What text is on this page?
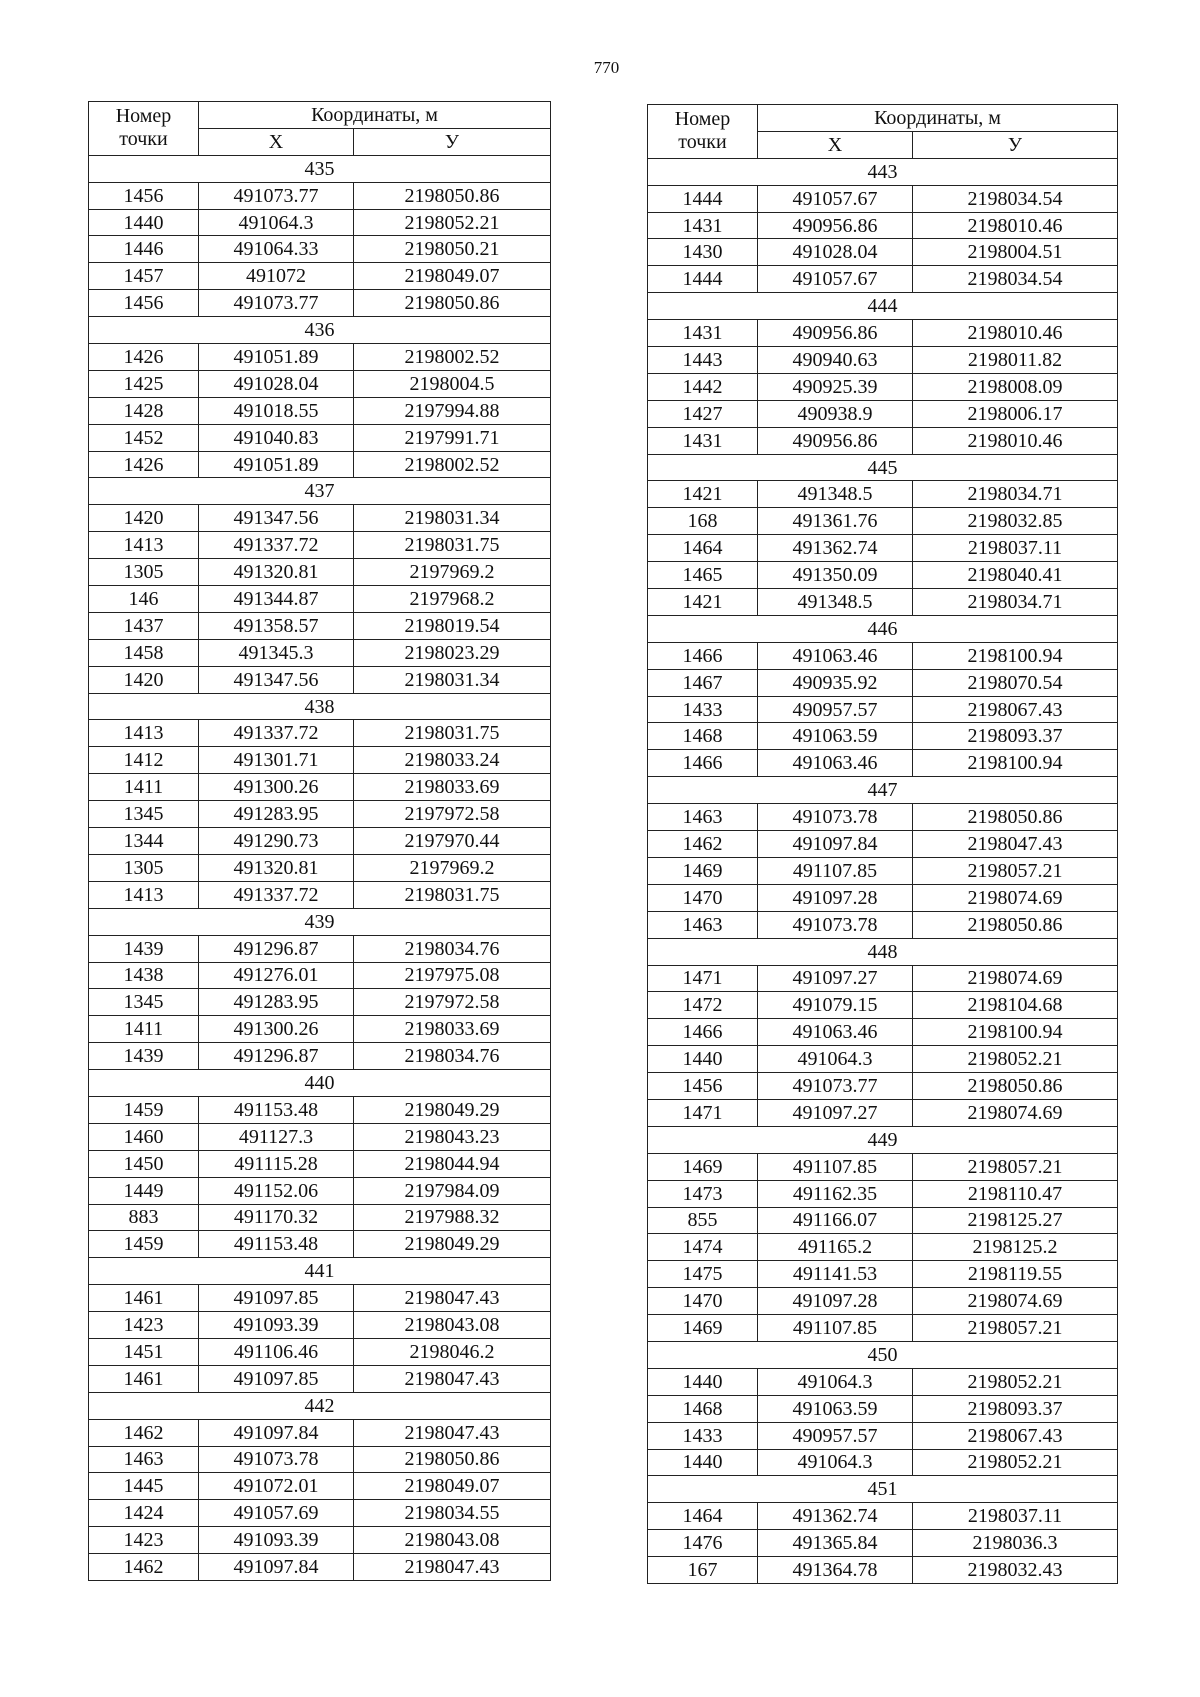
770
Номер точки	Координаты, м	
	X	У
435		
1456	491073.77	2198050.86
1440	491064.3	2198052.21
1446	491064.33	2198050.21
1457	491072	2198049.07
1456	491073.77	2198050.86
436		
1426	491051.89	2198002.52
1425	491028.04	2198004.5
1428	491018.55	2197994.88
1452	491040.83	2197991.71
1426	491051.89	2198002.52
437		
1420	491347.56	2198031.34
1413	491337.72	2198031.75
1305	491320.81	2197969.2
146	491344.87	2197968.2
1437	491358.57	2198019.54
1458	491345.3	2198023.29
1420	491347.56	2198031.34
438		
1413	491337.72	2198031.75
1412	491301.71	2198033.24
1411	491300.26	2198033.69
1345	491283.95	2197972.58
1344	491290.73	2197970.44
1305	491320.81	2197969.2
1413	491337.72	2198031.75
439		
1439	491296.87	2198034.76
1438	491276.01	2197975.08
1345	491283.95	2197972.58
1411	491300.26	2198033.69
1439	491296.87	2198034.76
440		
1459	491153.48	2198049.29
1460	491127.3	2198043.23
1450	491115.28	2198044.94
1449	491152.06	2197984.09
883	491170.32	2197988.32
1459	491153.48	2198049.29
441		
1461	491097.85	2198047.43
1423	491093.39	2198043.08
1451	491106.46	2198046.2
1461	491097.85	2198047.43
442		
1462	491097.84	2198047.43
1463	491073.78	2198050.86
1445	491072.01	2198049.07
1424	491057.69	2198034.55
1423	491093.39	2198043.08
1462	491097.84	2198047.43
Номер точки	Координаты, м	
	X	У
443		
1444	491057.67	2198034.54
1431	490956.86	2198010.46
1430	491028.04	2198004.51
1444	491057.67	2198034.54
444		
1431	490956.86	2198010.46
1443	490940.63	2198011.82
1442	490925.39	2198008.09
1427	490938.9	2198006.17
1431	490956.86	2198010.46
445		
1421	491348.5	2198034.71
168	491361.76	2198032.85
1464	491362.74	2198037.11
1465	491350.09	2198040.41
1421	491348.5	2198034.71
446		
1466	491063.46	2198100.94
1467	490935.92	2198070.54
1433	490957.57	2198067.43
1468	491063.59	2198093.37
1466	491063.46	2198100.94
447		
1463	491073.78	2198050.86
1462	491097.84	2198047.43
1469	491107.85	2198057.21
1470	491097.28	2198074.69
1463	491073.78	2198050.86
448		
1471	491097.27	2198074.69
1472	491079.15	2198104.68
1466	491063.46	2198100.94
1440	491064.3	2198052.21
1456	491073.77	2198050.86
1471	491097.27	2198074.69
449		
1469	491107.85	2198057.21
1473	491162.35	2198110.47
855	491166.07	2198125.27
1474	491165.2	2198125.2
1475	491141.53	2198119.55
1470	491097.28	2198074.69
1469	491107.85	2198057.21
450		
1440	491064.3	2198052.21
1468	491063.59	2198093.37
1433	490957.57	2198067.43
1440	491064.3	2198052.21
451		
1464	491362.74	2198037.11
1476	491365.84	2198036.3
167	491364.78	2198032.43
